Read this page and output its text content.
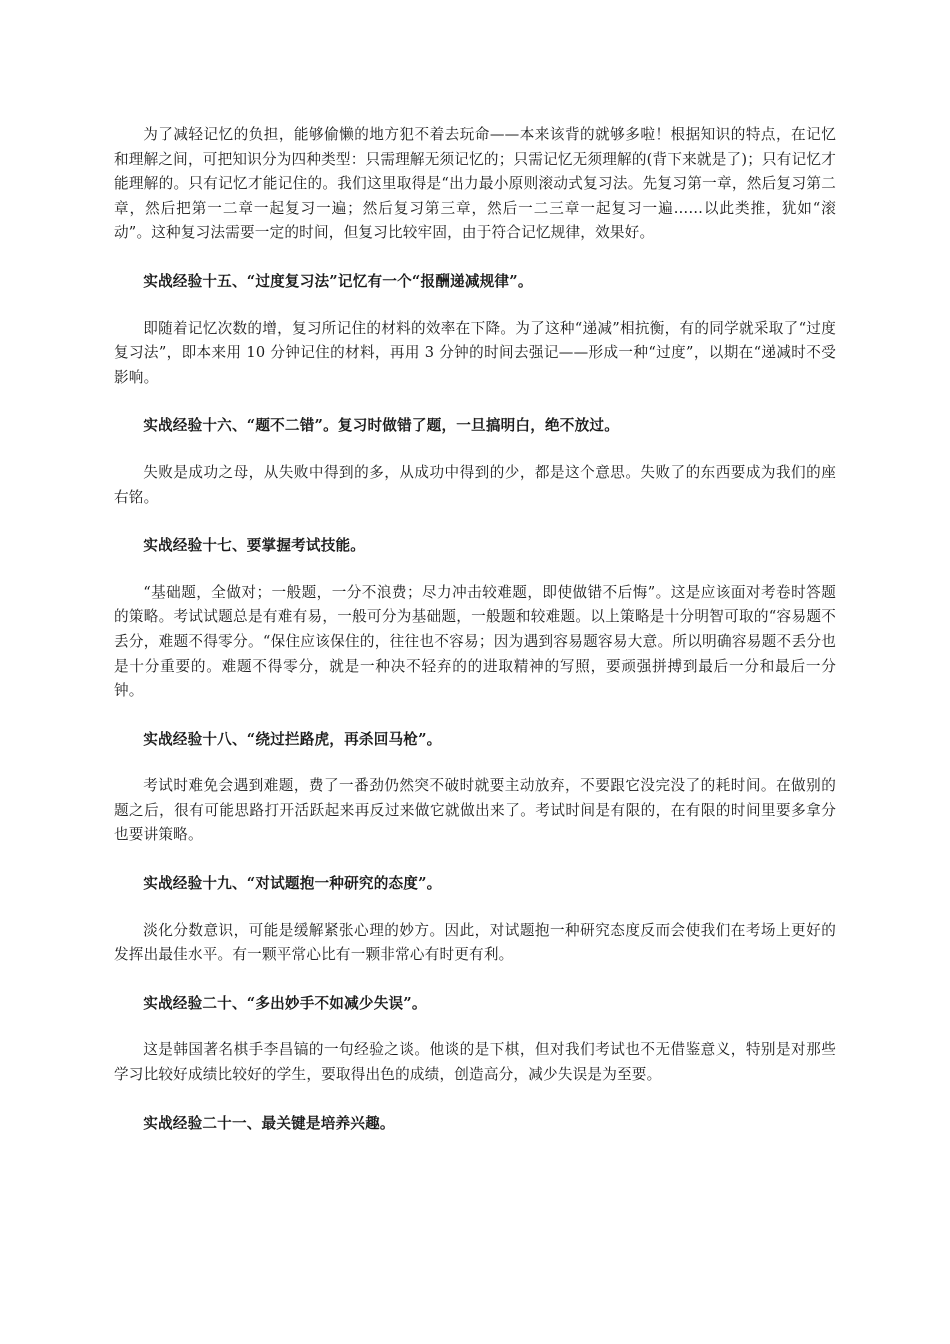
为了减轻记忆的负担，能够偷懒的地方犯不着去玩命——本来该背的就够多啦！根据知识的特点，在记忆和理解之间，可把知识分为四种类型：只需理解无须记忆的；只需记忆无须理解的(背下来就是了)；只有记忆才能理解的。只有记忆才能记住的。我们这里取得是“出力最小原则滚动式复习法。先复习第一章，然后复习第二章，然后把第一二章一起复习一遍；然后复习第三章，然后一二三章一起复习一遍……以此类推，犹如“滚动”。这种复习法需要一定的时间，但复习比较牢固，由于符合记忆规律，效果好。

实战经验十五、“过度复习法”记忆有一个“报酬递减规律”。

即随着记忆次数的增，复习所记住的材料的效率在下降。为了这种“递减”相抗衡，有的同学就采取了“过度复习法”，即本来用 10 分钟记住的材料，再用 3 分钟的时间去强记——形成一种“过度”，以期在“递减时不受影响。

实战经验十六、“题不二错”。复习时做错了题，一旦搞明白，绝不放过。

失败是成功之母，从失败中得到的多，从成功中得到的少，都是这个意思。失败了的东西要成为我们的座右铭。

实战经验十七、要掌握考试技能。

“基础题，全做对；一般题，一分不浪费；尽力冲击较难题，即使做错不后悔”。这是应该面对考卷时答题的策略。考试试题总是有难有易，一般可分为基础题，一般题和较难题。以上策略是十分明智可取的“容易题不丢分，难题不得零分。“保住应该保住的，往往也不容易；因为遇到容易题容易大意。所以明确容易题不丢分也是十分重要的。难题不得零分，就是一种决不轻弃的的进取精神的写照，要顽强拼搏到最后一分和最后一分钟。

实战经验十八、“绕过拦路虎，再杀回马枪”。

考试时难免会遇到难题，费了一番劲仍然突不破时就要主动放弃，不要跟它没完没了的耗时间。在做别的题之后，很有可能思路打开活跃起来再反过来做它就做出来了。考试时间是有限的，在有限的时间里要多拿分也要讲策略。

实战经验十九、“对试题抱一种研究的态度”。

淡化分数意识，可能是缓解紧张心理的妙方。因此，对试题抱一种研究态度反而会使我们在考场上更好的发挥出最佳水平。有一颗平常心比有一颗非常心有时更有利。

实战经验二十、“多出妙手不如减少失误”。

这是韩国著名棋手李昌镐的一句经验之谈。他谈的是下棋，但对我们考试也不无借鉴意义，特别是对那些学习比较好成绩比较好的学生，要取得出色的成绩，创造高分，减少失误是为至要。

实战经验二十一、最关键是培养兴趣。
